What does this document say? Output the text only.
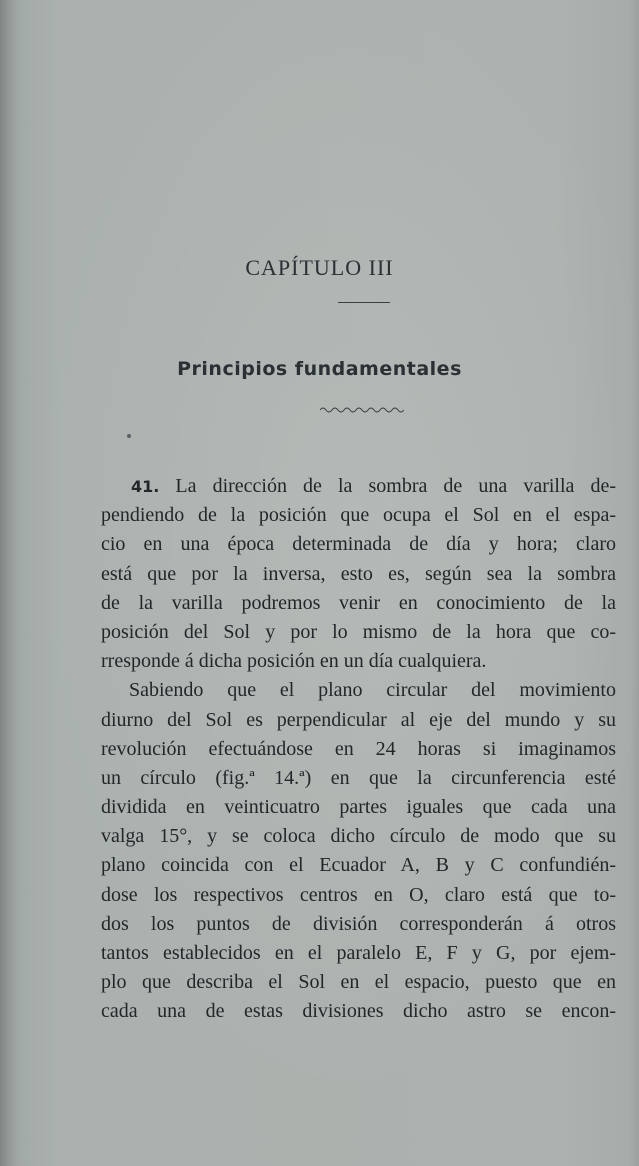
CAPÍTULO III
Principios fundamentales
41. La dirección de la sombra de una varilla de-
pendiendo de la posición que ocupa el Sol en el espa-
cio en una época determinada de día y hora; claro
está que por la inversa, esto es, según sea la sombra
de la varilla podremos venir en conocimiento de la
posición del Sol y por lo mismo de la hora que co-
rresponde á dicha posición en un día cualquiera.
Sabiendo que el plano circular del movimiento
diurno del Sol es perpendicular al eje del mundo y su
revolución efectuándose en 24 horas si imaginamos
un círculo (fig.ª 14.ª) en que la circunferencia esté
dividida en veinticuatro partes iguales que cada una
valga 15°, y se coloca dicho círculo de modo que su
plano coincida con el Ecuador A, B y C confundién-
dose los respectivos centros en O, claro está que to-
dos los puntos de división corresponderán á otros
tantos establecidos en el paralelo E, F y G, por ejem-
plo que describa el Sol en el espacio, puesto que en
cada una de estas divisiones dicho astro se encon-
